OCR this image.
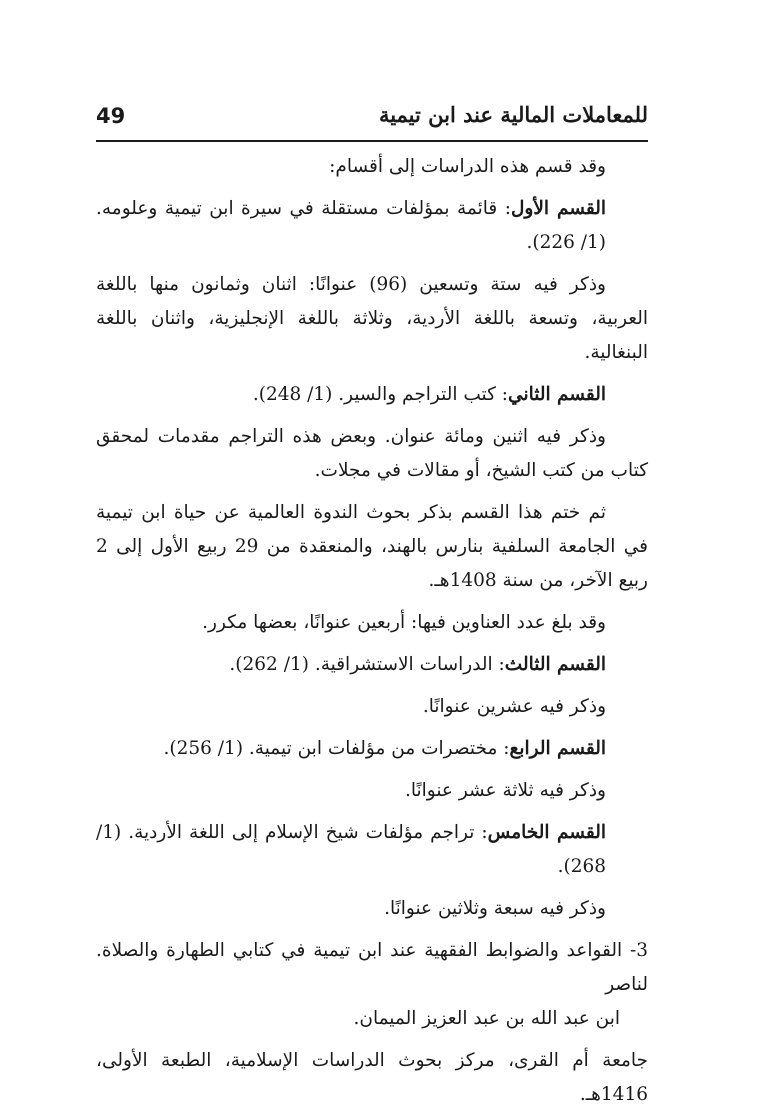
49	للمعاملات المالية عند ابن تيمية

وقد قسم هذه الدراسات إلى أقسام:

القسم الأول: قائمة بمؤلفات مستقلة في سيرة ابن تيمية وعلومه. (1/ 226).

وذكر فيه ستة وتسعين (96) عنوانًا: اثنان وثمانون منها باللغة العربية، وتسعة باللغة الأردية، وثلاثة باللغة الإنجليزية، واثنان باللغة البنغالية.

القسم الثاني: كتب التراجم والسير. (1/ 248).

وذكر فيه اثنين ومائة عنوان. وبعض هذه التراجم مقدمات لمحقق كتاب من كتب الشيخ، أو مقالات في مجلات.

ثم ختم هذا القسم بذكر بحوث الندوة العالمية عن حياة ابن تيمية في الجامعة السلفية بنارس بالهند، والمنعقدة من 29 ربيع الأول إلى 2 ربيع الآخر، من سنة 1408هـ.

وقد بلغ عدد العناوين فيها: أربعين عنوانًا، بعضها مكرر.

القسم الثالث: الدراسات الاستشراقية. (1/ 262).

وذكر فيه عشرين عنوانًا.

القسم الرابع: مختصرات من مؤلفات ابن تيمية. (1/ 256).

وذكر فيه ثلاثة عشر عنوانًا.

القسم الخامس: تراجم مؤلفات شيخ الإسلام إلى اللغة الأردية. (1/ 268).

وذكر فيه سبعة وثلاثين عنوانًا.

3- القواعد والضوابط الفقهية عند ابن تيمية في كتابي الطهارة والصلاة. لناصر
ابن عبد الله بن عبد العزيز الميمان.

جامعة أم القرى، مركز بحوث الدراسات الإسلامية، الطبعة الأولى، 1416هـ.
